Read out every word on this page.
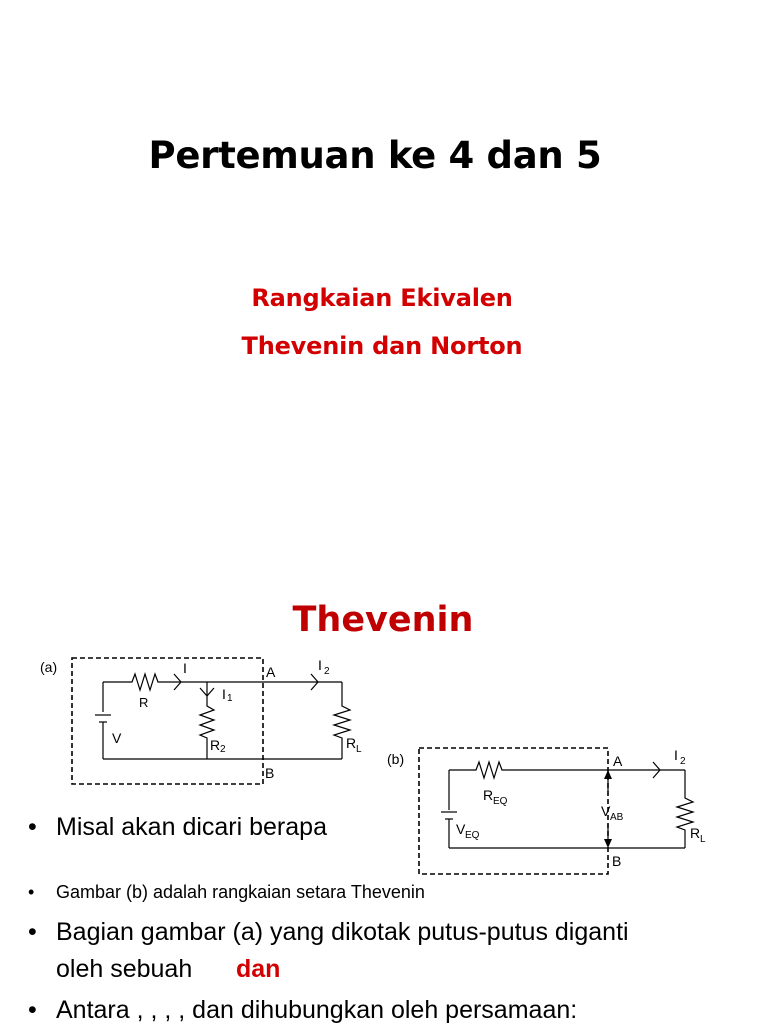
Pertemuan ke 4 dan 5
Rangkaian Ekivalen
Thevenin dan Norton
Thevenin
(a)	I	A	I 2
I 1
R
V	R 2	R L
B
(b)
R EQ
A	I 2
V AB
V EQ	R L
B
• Misal akan dicari berapa
• Gambar (b) adalah rangkaian setara Thevenin
• Bagian gambar (a) yang dikotak putus-putus diganti
oleh sebuah dan
• Antara , , , , dan dihubungkan oleh persamaan:
